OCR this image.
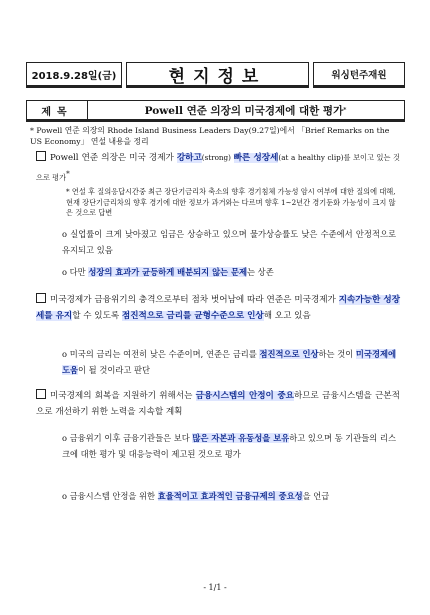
2018.9.28일(금)	현지정보	워싱턴주재원
제목	Powell 연준 의장의 미국경제에 대한 평가 *
* Powell 연준 의장의 Rhode Island Business Leaders Day(9.27일)에서 「Brief Remarks on the US Economy」 연설 내용을 정리
Powell 연준 의장은 미국 경제가 강하고(strong) 빠른 성장세(at a healthy clip)를 보이고 있는 것으로 평가*
* 연설 후 질의응답시간중 최근 장단기금리차 축소의 향후 경기침체 가능성 암시 여부에 대한 질의에 대해, 현재 장단기금리차의 향후 경기에 대한 정보가 과거와는 다르며 향후 1~2년간 경기둔화 가능성이 크지 않은 것으로 답변
o 실업률이 크게 낮아졌고 임금은 상승하고 있으며 물가상승률도 낮은 수준에서 안정적으로 유지되고 있음
o 다만 성장의 효과가 균등하게 배분되지 않는 문제는 상존
미국경제가 금융위기의 충격으로부터 점차 벗어남에 따라 연준은 미국경제가 지속가능한 성장세를 유지할 수 있도록 점진적으로 금리를 균형수준으로 인상해 오고 있음
o 미국의 금리는 여전히 낮은 수준이며, 연준은 금리를 점진적으로 인상하는 것이 미국경제에 도움이 될 것이라고 판단
미국경제의 회복을 지원하기 위해서는 금융시스템의 안정이 중요하므로 금융시스템을 근본적으로 개선하기 위한 노력을 지속할 계획
o 금융위기 이후 금융기관들은 보다 많은 자본과 유동성을 보유하고 있으며 동 기관들의 리스크에 대한 평가 및 대응능력이 제고된 것으로 평가
o 금융시스템 안정을 위한 효율적이고 효과적인 금융규제의 중요성을 언급
- 1/1 -
